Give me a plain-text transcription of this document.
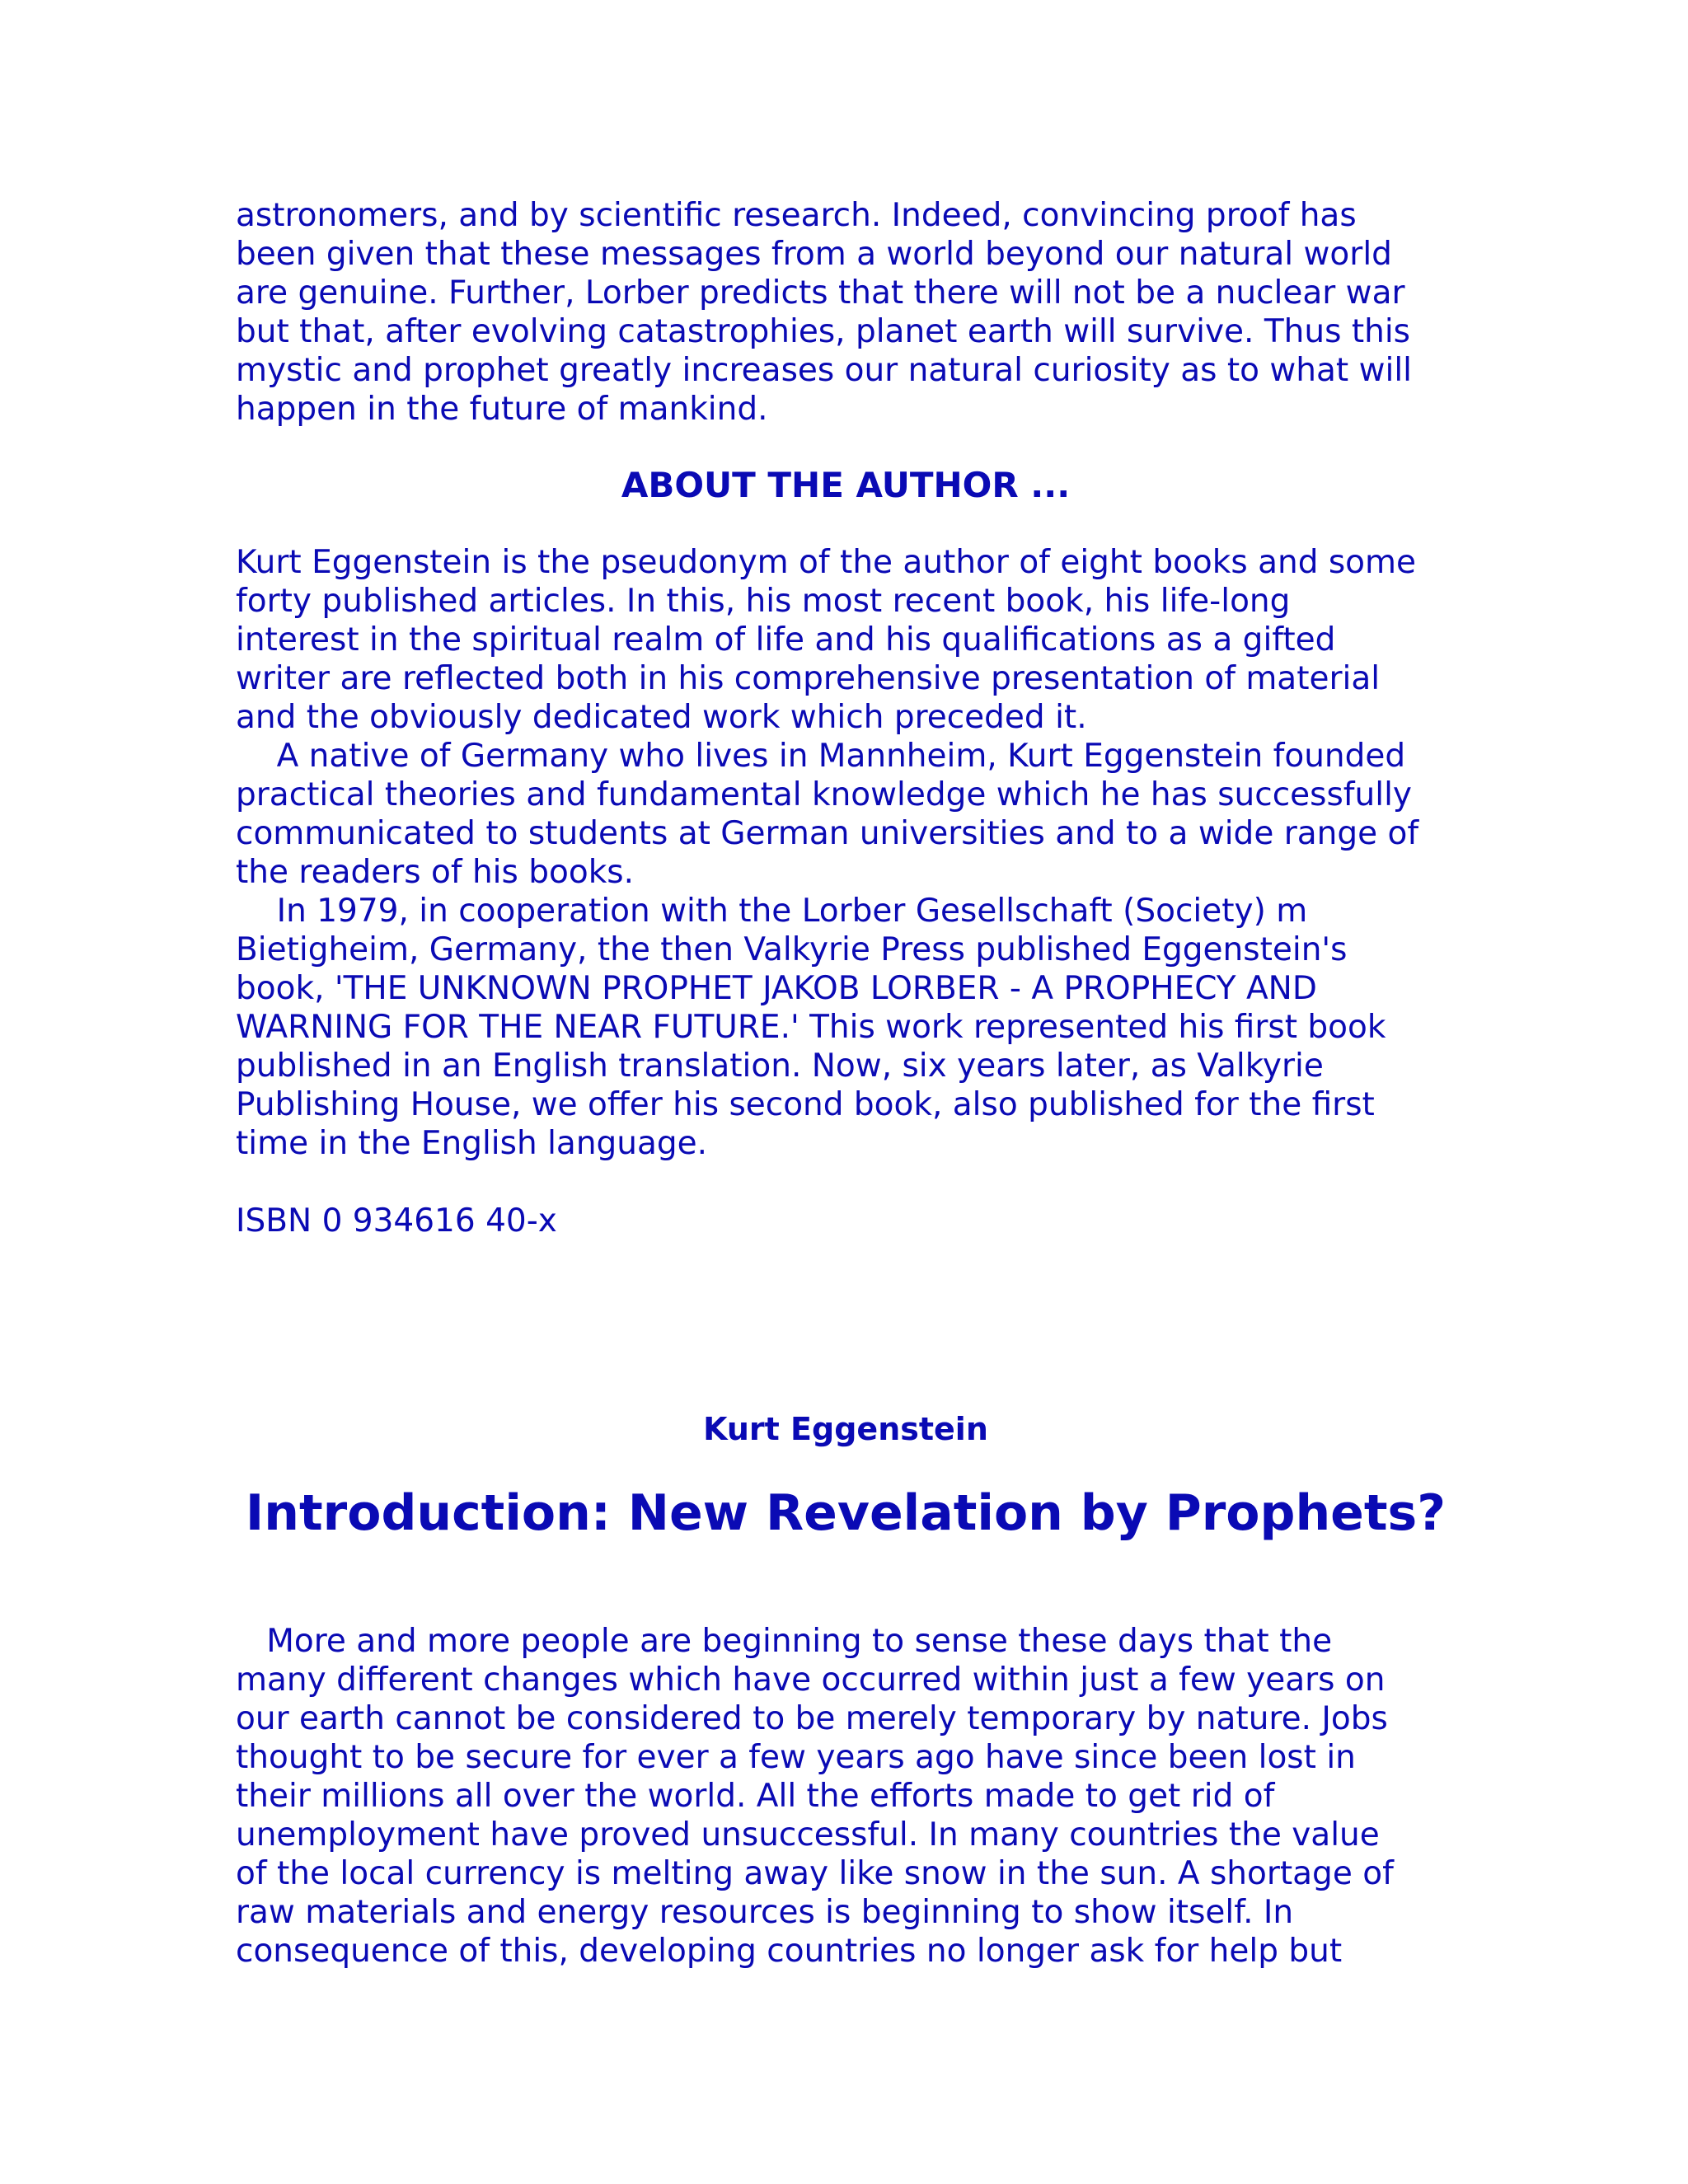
astronomers, and by scientific research. Indeed, convincing proof has
been given that these messages from a world beyond our natural world
are genuine. Further, Lorber predicts that there will not be a nuclear war
but that, after evolving catastrophies, planet earth will survive. Thus this
mystic and prophet greatly increases our natural curiosity as to what will
happen in the future of mankind.

ABOUT THE AUTHOR ...

Kurt Eggenstein is the pseudonym of the author of eight books and some
forty published articles. In this, his most recent book, his life-long
interest in the spiritual realm of life and his qualifications as a gifted
writer are reflected both in his comprehensive presentation of material
and the obviously dedicated work which preceded it.

A native of Germany who lives in Mannheim, Kurt Eggenstein founded
practical theories and fundamental knowledge which he has successfully
communicated to students at German universities and to a wide range of
the readers of his books.

In 1979, in cooperation with the Lorber Gesellschaft (Society) m
Bietigheim, Germany, the then Valkyrie Press published Eggenstein's
book, 'THE UNKNOWN PROPHET JAKOB LORBER - A PROPHECY AND
WARNING FOR THE NEAR FUTURE.' This work represented his first book
published in an English translation. Now, six years later, as Valkyrie
Publishing House, we offer his second book, also published for the first
time in the English language.

ISBN 0 934616 40-x

Kurt Eggenstein
Introduction: New Revelation by Prophets?

More and more people are beginning to sense these days that the
many different changes which have occurred within just a few years on
our earth cannot be considered to be merely temporary by nature. Jobs
thought to be secure for ever a few years ago have since been lost in
their millions all over the world. All the efforts made to get rid of
unemployment have proved unsuccessful. In many countries the value
of the local currency is melting away like snow in the sun. A shortage of
raw materials and energy resources is beginning to show itself. In
consequence of this, developing countries no longer ask for help but
